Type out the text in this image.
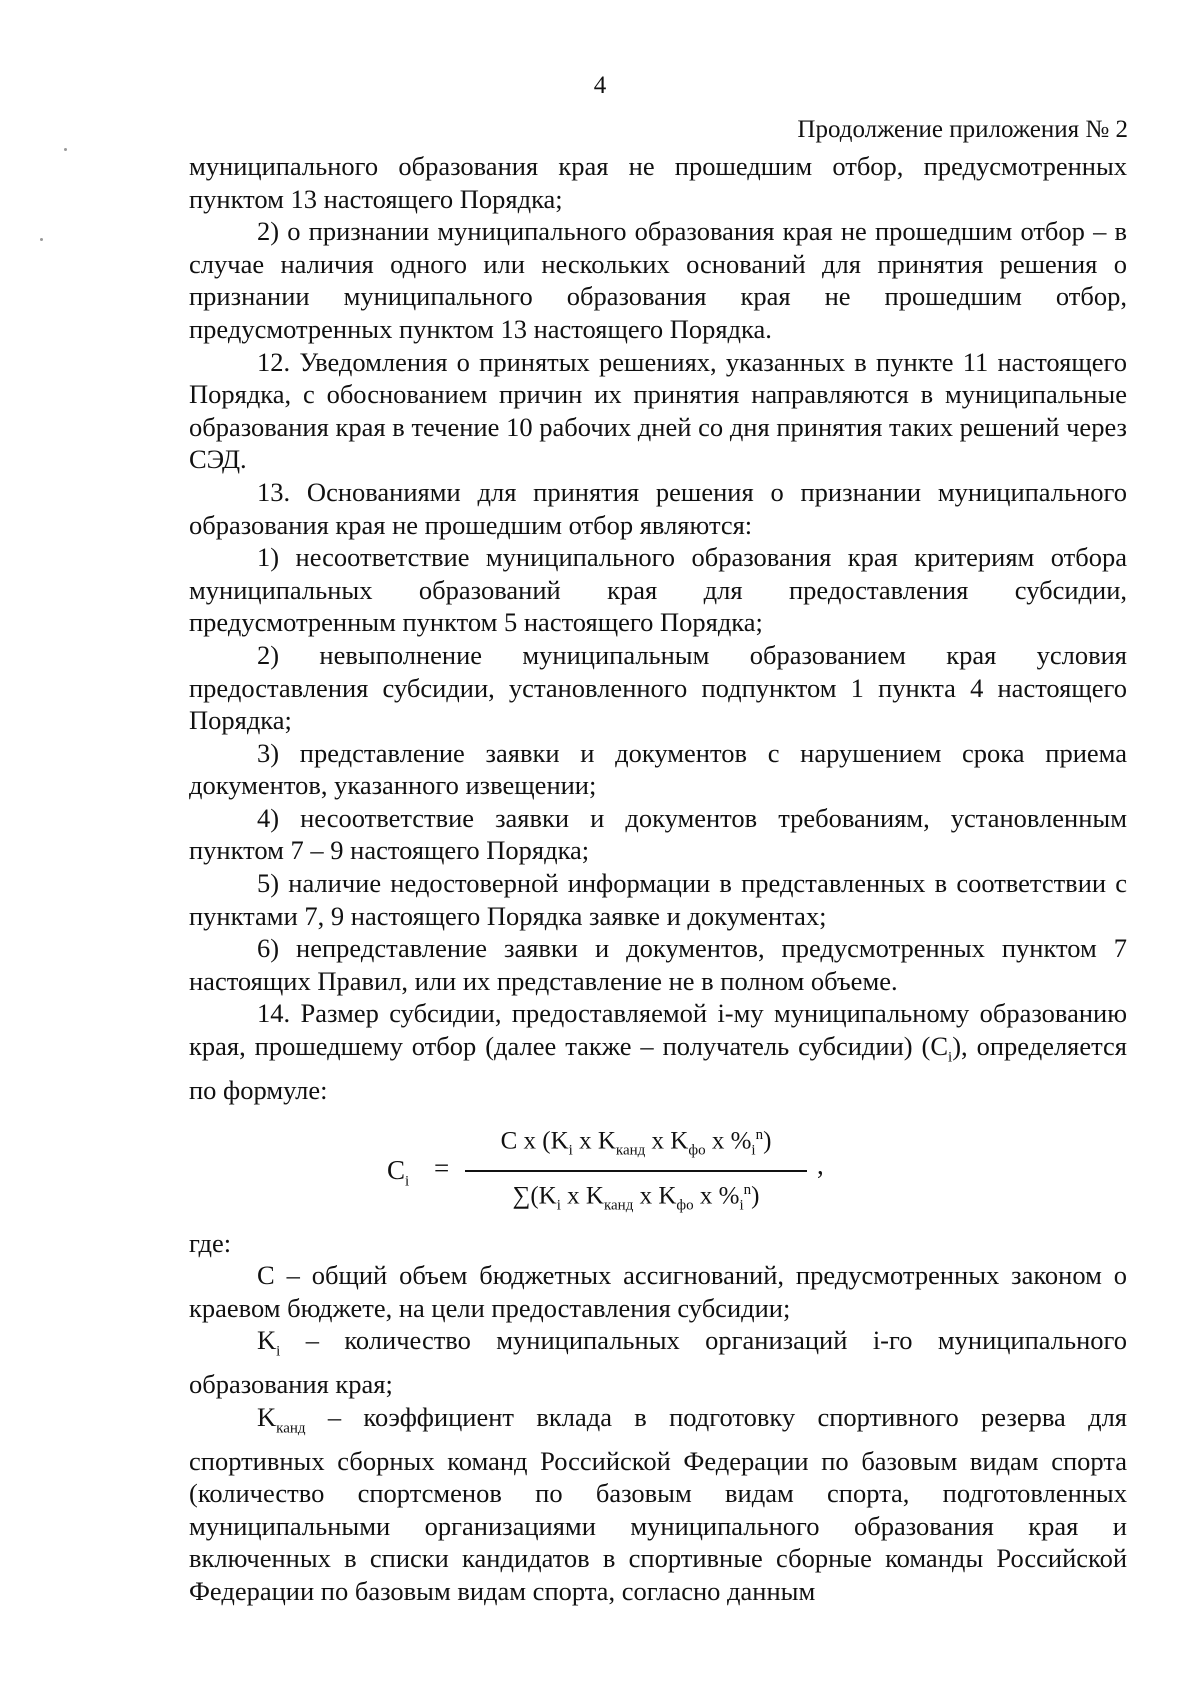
4
Продолжение приложения № 2

муниципального образования края не прошедшим отбор, предусмотренных пунктом 13 настоящего Порядка;

2) о признании муниципального образования края не прошедшим отбор – в случае наличия одного или нескольких оснований для принятия решения о признании муниципального образования края не прошедшим отбор, предусмотренных пунктом 13 настоящего Порядка.

12. Уведомления о принятых решениях, указанных в пункте 11 настоящего Порядка, с обоснованием причин их принятия направляются в муниципальные образования края в течение 10 рабочих дней со дня принятия таких решений через СЭД.

13. Основаниями для принятия решения о признании муниципального образования края не прошедшим отбор являются:

1) несоответствие муниципального образования края критериям отбора муниципальных образований края для предоставления субсидии, предусмотренным пунктом 5 настоящего Порядка;

2) невыполнение муниципальным образованием края условия предоставления субсидии, установленного подпунктом 1 пункта 4 настоящего Порядка;

3) представление заявки и документов с нарушением срока приема документов, указанного извещении;

4) несоответствие заявки и документов требованиям, установленным пунктом 7 – 9 настоящего Порядка;

5) наличие недостоверной информации в представленных в соответствии с пунктами 7, 9 настоящего Порядка заявке и документах;

6) непредставление заявки и документов, предусмотренных пунктом 7 настоящих Правил, или их представление не в полном объеме.

14. Размер субсидии, предоставляемой i-му муниципальному образованию края, прошедшему отбор (далее также – получатель субсидии) $(C_i)$, определяется по формуле:

$C_i$ =
C x ($K_i$ x $K_{канд}$ x $K_{фо}$ x $\%_i^n$)
$\sum(K_i$ x $K_{канд}$ x $K_{фо}$ x $\%_i^n$)
,

где:

С – общий объем бюджетных ассигнований, предусмотренных законом о краевом бюджете, на цели предоставления субсидии;

$K_i$ – количество муниципальных организаций i-го муниципального образования края;

$K_{канд}$ – коэффициент вклада в подготовку спортивного резерва для спортивных сборных команд Российской Федерации по базовым видам спорта (количество спортсменов по базовым видам спорта, подготовленных муниципальными организациями муниципального образования края и включенных в списки кандидатов в спортивные сборные команды Российской Федерации по базовым видам спорта, согласно данным
